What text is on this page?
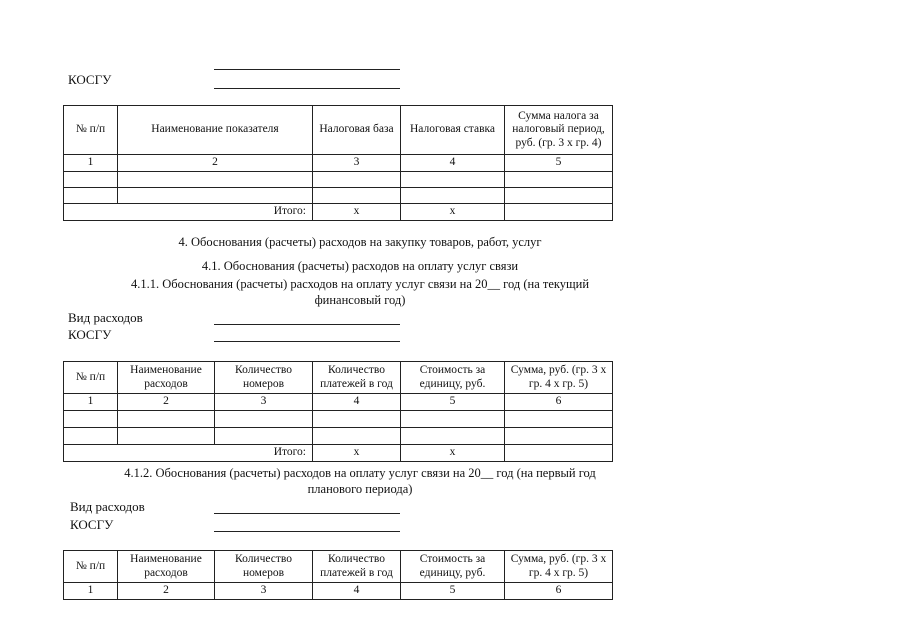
КОСГУ
№ п/п	Наименование показателя	Налоговая база	Налоговая ставка	Сумма налога за налоговый период, руб. (гр. 3 х гр. 4)
1	2	3	4	5

Итого:		х	х	
4. Обоснования (расчеты) расходов на закупку товаров, работ, услуг
4.1. Обоснования (расчеты) расходов на оплату услуг связи
4.1.1. Обоснования (расчеты) расходов на оплату услуг связи на 20__ год (на текущий
финансовый год)
Вид расходов
КОСГУ
№ п/п	Наименование расходов	Количество номеров	Количество платежей в год	Стоимость за единицу, руб.	Сумма, руб. (гр. 3 х гр. 4 х гр. 5)
1	2	3	4	5	6

Итого:			х	х	
4.1.2. Обоснования (расчеты) расходов на оплату услуг связи на 20__ год (на первый год
планового периода)
Вид расходов
КОСГУ
№ п/п	Наименование расходов	Количество номеров	Количество платежей в год	Стоимость за единицу, руб.	Сумма, руб. (гр. 3 х гр. 4 х гр. 5)
1	2	3	4	5	6
